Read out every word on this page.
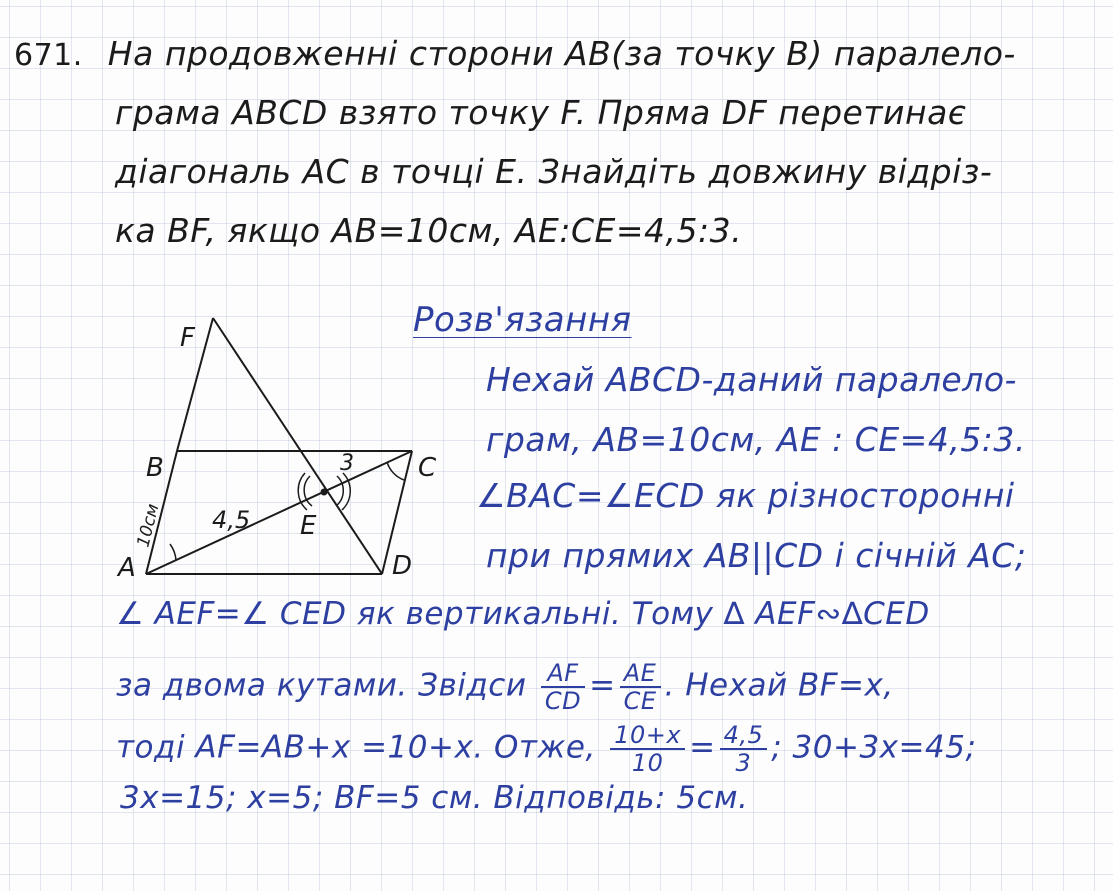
671. На продовженні сторони AB(за точку B) паралело-
грама ABCD взято точку F. Пряма DF перетинає
діагональ AC в точці E. Знайдіть довжину відріз-
ка BF, якщо AB=10см, AE:CE=4,5:3.
F
B	C
A	D
E
10см 4,5
3
Розв'язання
Нехай ABCD-даний паралело-
грам, AB=10см, AE : CE=4,5:3.
∠BAC=∠ECD як різносторонні
при прямих AB||CD і січній AC;
∠ AEF=∠ CED як вертикальні. Тому ∆ AEF∾∆CED
за двома кутами. Звідси $\frac{AF}{CD} = \frac{AE}{CE}$ . Нехай BF=x,
тоді AF=AB+x =10+x. Отже, $\frac{10+x}{10} = \frac{4,5}{3}$ ; 30+3x=45;
3x=15; x=5; BF=5 см. Відповідь: 5см.
